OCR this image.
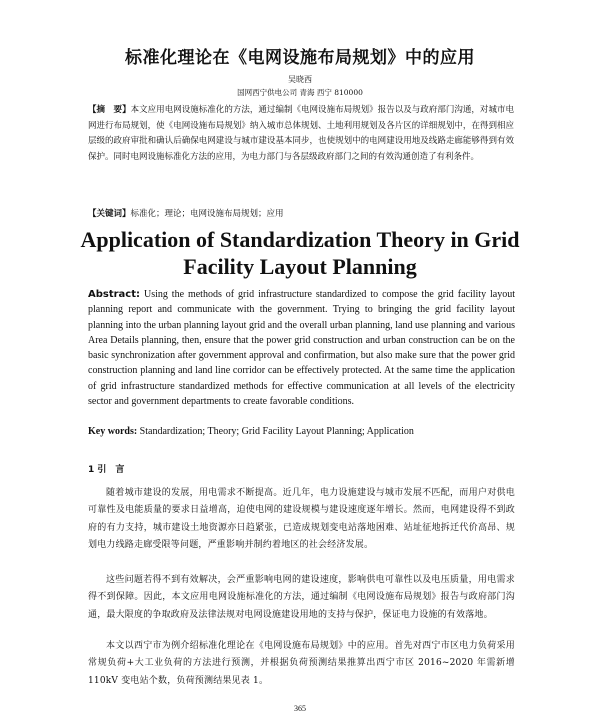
标准化理论在《电网设施布局规划》中的应用
吴晓西
国网西宁供电公司 青海 西宁 810000

【摘　要】本文应用电网设施标准化的方法，通过编制《电网设施布局规划》报告以及与政府部门沟通，对城市电网进行布局规划，使《电网设施布局规划》纳入城市总体规划、土地利用规划及各片区的详细规划中，在得到相应层级的政府审批和确认后确保电网建设与城市建设基本同步，也使规划中的电网建设用地及线路走廊能够得到有效保护。同时电网设施标准化方法的应用，为电力部门与各层级政府部门之间的有效沟通创造了有利条件。

【关键词】标准化；理论；电网设施布局规划；应用
Application of Standardization Theory in Grid
Facility Layout Planning

Abstract: Using the methods of grid infrastructure standardized to compose the grid facility layout planning report and communicate with the government. Trying to bringing the grid facility layout planning into the urban planning layout grid and the overall urban planning, land use planning and various Area Details planning, then, ensure that the power grid construction and urban construction can be on the basic synchronization after government approval and confirmation, but also make sure that the power grid construction planning and land line corridor can be effectively protected. At the same time the application of grid infrastructure standardized methods for effective communication at all levels of the electricity sector and government departments to create favorable conditions.

Key words: Standardization; Theory; Grid Facility Layout Planning; Application
1 引　言

随着城市建设的发展，用电需求不断提高。近几年，电力设施建设与城市发展不匹配，而用户对供电可靠性及电能质量的要求日益增高，迫使电网的建设规模与建设速度逐年增长。然而，电网建设得不到政府的有力支持，城市建设土地资源亦日趋紧张，已造成规划变电站落地困难、站址征地拆迁代价高昂、规划电力线路走廊受限等问题，严重影响并制约着地区的社会经济发展。

这些问题若得不到有效解决，会严重影响电网的建设速度，影响供电可靠性以及电压质量，用电需求得不到保障。因此，本文应用电网设施标准化的方法，通过编制《电网设施布局规划》报告与政府部门沟通，最大限度的争取政府及法律法规对电网设施建设用地的支持与保护，保证电力设施的有效落地。

本文以西宁市为例介绍标准化理论在《电网设施布局规划》中的应用。首先对西宁市区电力负荷采用常规负荷+大工业负荷的方法进行预测，并根据负荷预测结果推算出西宁市区 2016~2020 年需新增 110kV 变电站个数，负荷预测结果见表 1。

365
